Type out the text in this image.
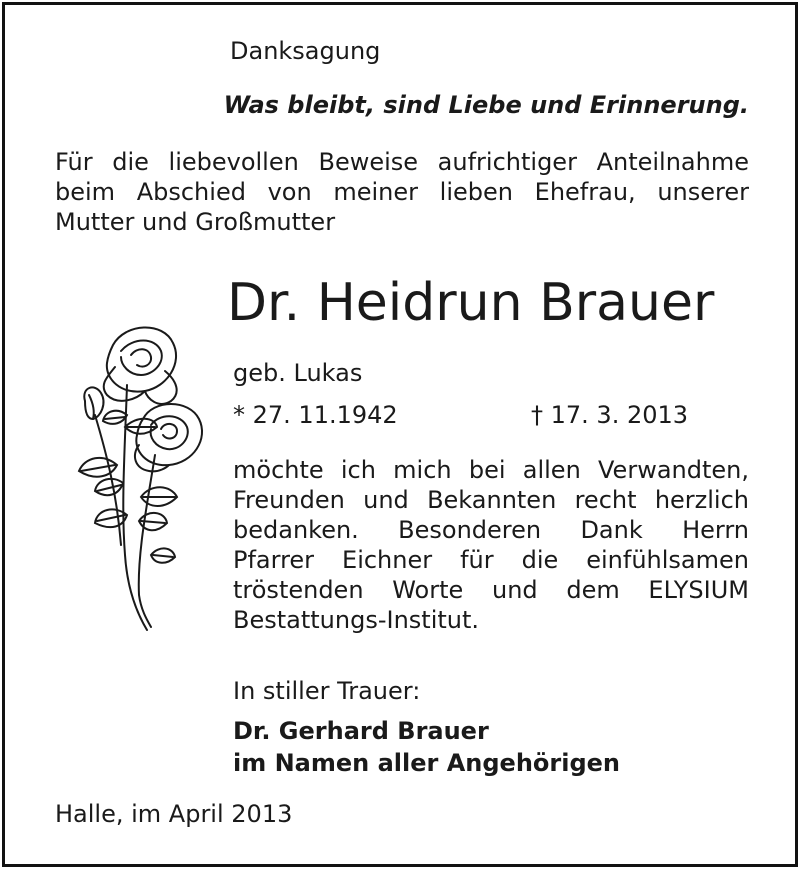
Danksagung
Was bleibt, sind Liebe und Erinnerung.
Für die liebevollen Beweise aufrichtiger Anteilnahme
beim Abschied von meiner lieben Ehefrau, unserer
Mutter und Großmutter
Dr. Heidrun Brauer
geb. Lukas
* 27. 11.1942	† 17. 3. 2013
möchte ich mich bei allen Verwandten,
Freunden und Bekannten recht herzlich
bedanken. Besonderen Dank Herrn
Pfarrer Eichner für die einfühlsamen
tröstenden Worte und dem ELYSIUM
Bestattungs-Institut.
In stiller Trauer:
Dr. Gerhard Brauer
im Namen aller Angehörigen
Halle, im April 2013
